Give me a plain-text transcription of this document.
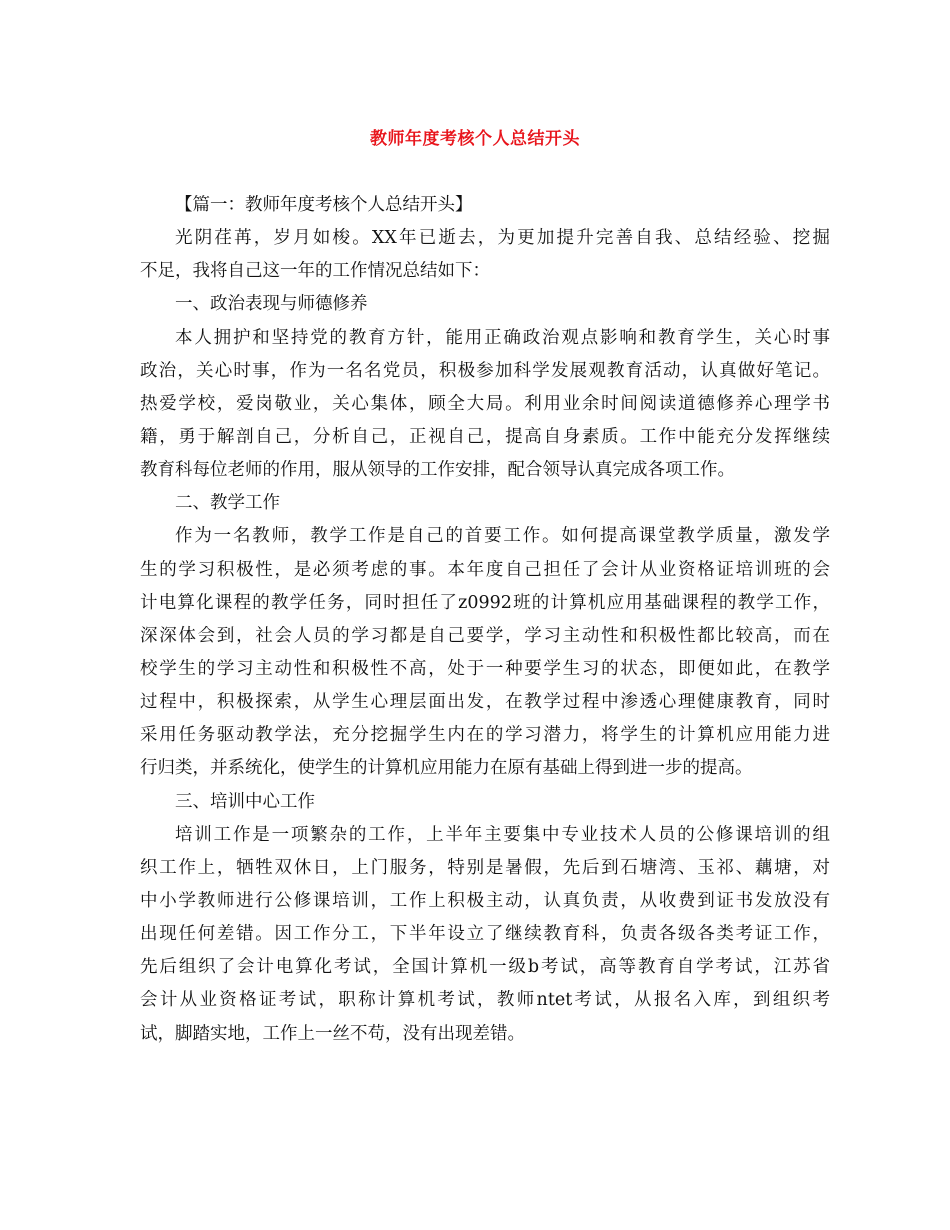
教师年度考核个人总结开头
【篇一：教师年度考核个人总结开头】
光阴荏苒，岁月如梭。XX年已逝去，为更加提升完善自我、总结经验、挖掘
不足，我将自己这一年的工作情况总结如下：
一、政治表现与师德修养
本人拥护和坚持党的教育方针，能用正确政治观点影响和教育学生，关心时事
政治，关心时事，作为一名名党员，积极参加科学发展观教育活动，认真做好笔记。
热爱学校，爱岗敬业，关心集体，顾全大局。利用业余时间阅读道德修养心理学书
籍，勇于解剖自己，分析自己，正视自己，提高自身素质。工作中能充分发挥继续
教育科每位老师的作用，服从领导的工作安排，配合领导认真完成各项工作。
二、教学工作
作为一名教师，教学工作是自己的首要工作。如何提高课堂教学质量，激发学
生的学习积极性，是必须考虑的事。本年度自己担任了会计从业资格证培训班的会
计电算化课程的教学任务，同时担任了z0992班的计算机应用基础课程的教学工作，
深深体会到，社会人员的学习都是自己要学，学习主动性和积极性都比较高，而在
校学生的学习主动性和积极性不高，处于一种要学生习的状态，即便如此，在教学
过程中，积极探索，从学生心理层面出发，在教学过程中渗透心理健康教育，同时
采用任务驱动教学法，充分挖掘学生内在的学习潜力，将学生的计算机应用能力进
行归类，并系统化，使学生的计算机应用能力在原有基础上得到进一步的提高。
三、培训中心工作
培训工作是一项繁杂的工作，上半年主要集中专业技术人员的公修课培训的组
织工作上，牺牲双休日，上门服务，特别是暑假，先后到石塘湾、玉祁、藕塘，对
中小学教师进行公修课培训，工作上积极主动，认真负责，从收费到证书发放没有
出现任何差错。因工作分工，下半年设立了继续教育科，负责各级各类考证工作，
先后组织了会计电算化考试，全国计算机一级b考试，高等教育自学考试，江苏省
会计从业资格证考试，职称计算机考试，教师ntet考试，从报名入库，到组织考
试，脚踏实地，工作上一丝不苟，没有出现差错。
